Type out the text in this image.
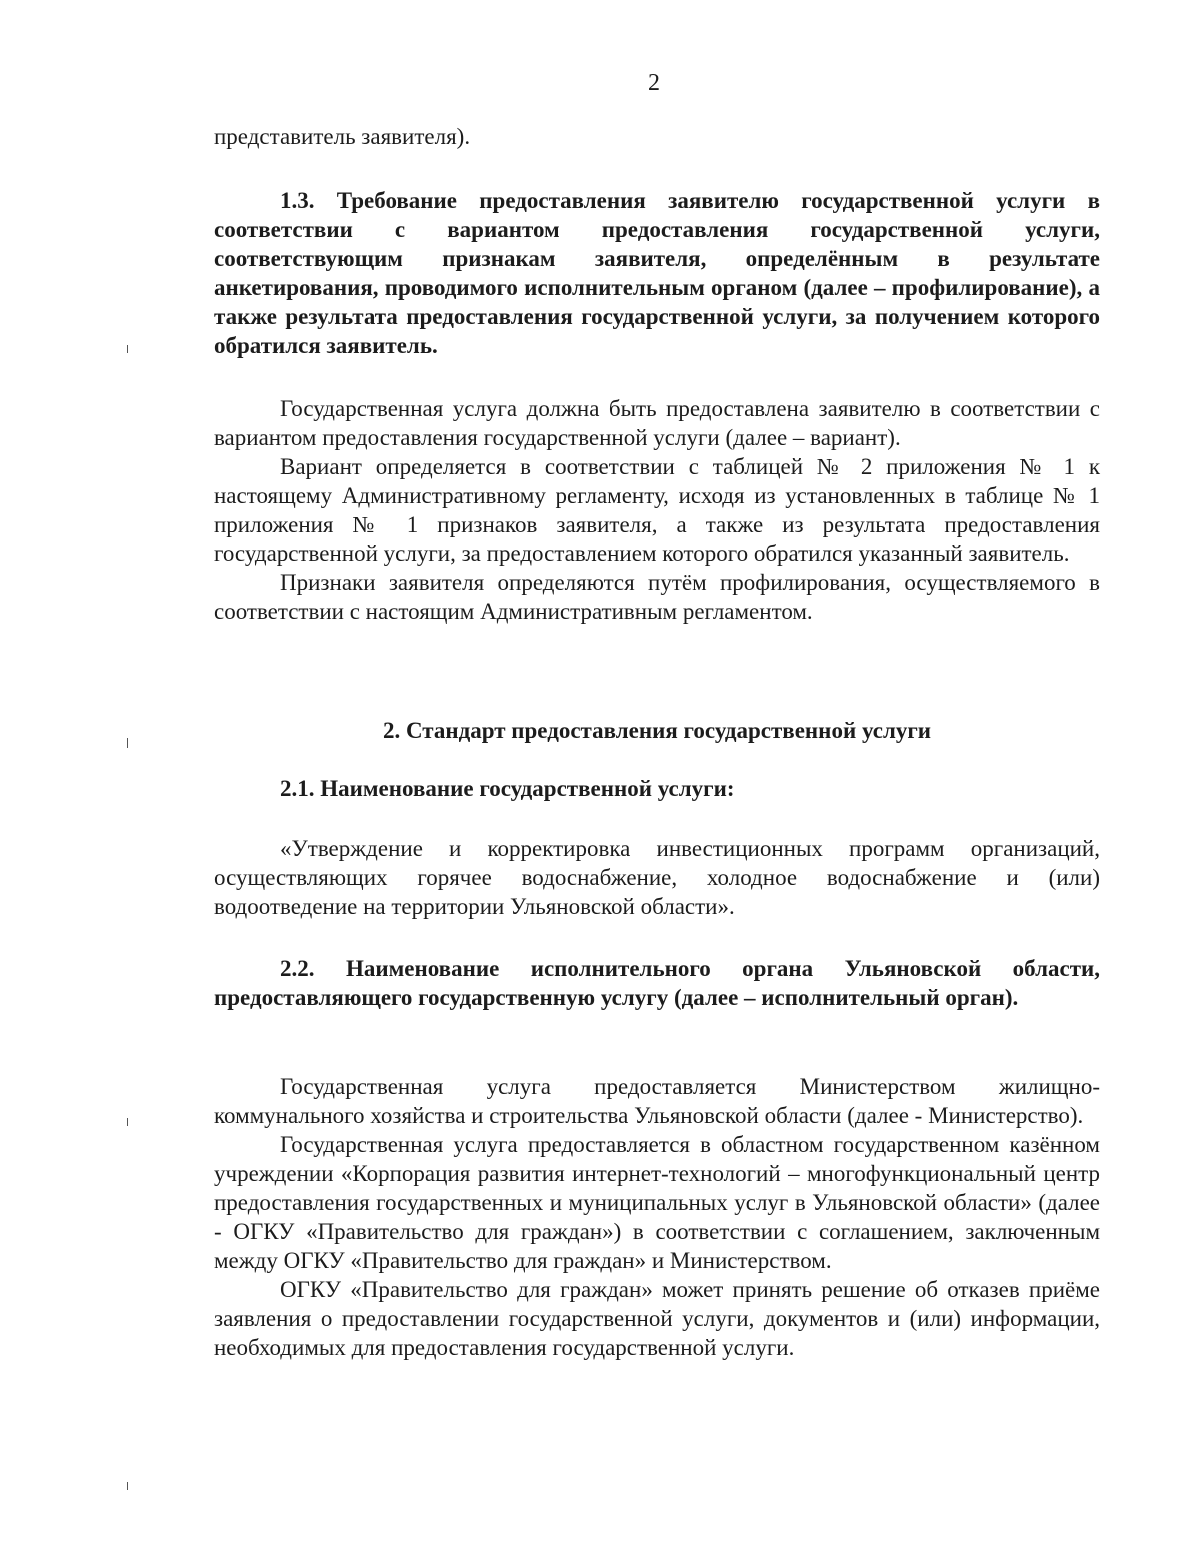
2

представитель заявителя).

1.3. Требование предоставления заявителю государственной услуги в соответствии с вариантом предоставления государственной услуги, соответствующим признакам заявителя, определённым в результате анкетирования, проводимого исполнительным органом (далее – профилирование), а также результата предоставления государственной услуги, за получением которого обратился заявитель.

Государственная услуга должна быть предоставлена заявителю в соответствии с вариантом предоставления государственной услуги (далее – вариант).

Вариант определяется в соответствии с таблицей № 2 приложения № 1 к настоящему Административному регламенту, исходя из установленных в таблице № 1 приложения № 1 признаков заявителя, а также из результата предоставления государственной услуги, за предоставлением которого обратился указанный заявитель.

Признаки заявителя определяются путём профилирования, осуществляемого в соответствии с настоящим Административным регламентом.

2. Стандарт предоставления государственной услуги

2.1. Наименование государственной услуги:

«Утверждение и корректировка инвестиционных программ организаций, осуществляющих горячее водоснабжение, холодное водоснабжение и (или) водоотведение на территории Ульяновской области».

2.2. Наименование исполнительного органа Ульяновской области, предоставляющего государственную услугу (далее – исполнительный орган).

Государственная услуга предоставляется Министерством жилищно-коммунального хозяйства и строительства Ульяновской области (далее - Министерство).

Государственная услуга предоставляется в областном государственном казённом учреждении «Корпорация развития интернет-технологий – многофункциональный центр предоставления государственных и муниципальных услуг в Ульяновской области» (далее - ОГКУ «Правительство для граждан») в соответствии с соглашением, заключенным между ОГКУ «Правительство для граждан» и Министерством.

ОГКУ «Правительство для граждан» может принять решение об отказев приёме заявления о предоставлении государственной услуги, документов и (или) информации, необходимых для предоставления государственной услуги.
